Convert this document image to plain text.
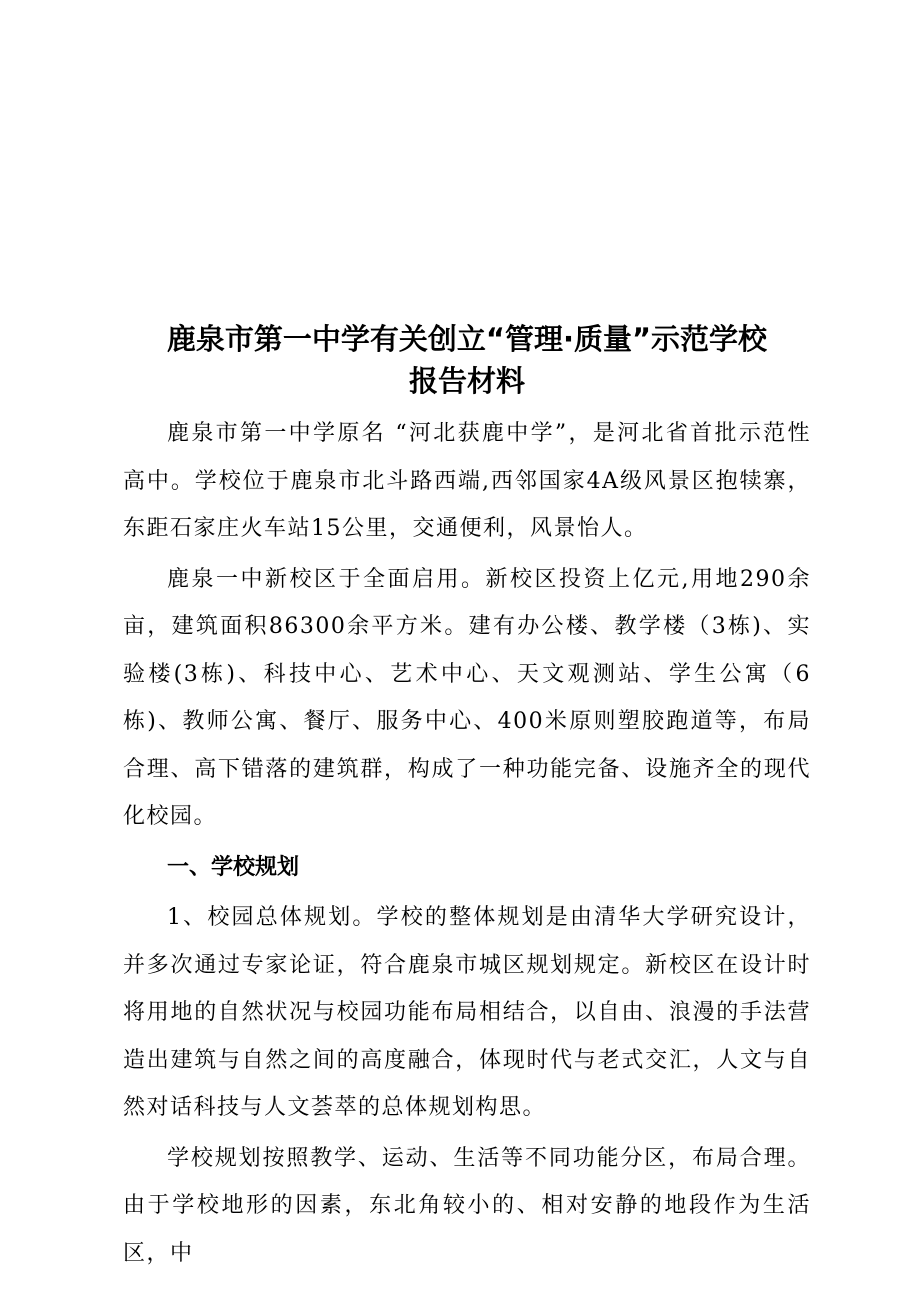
鹿泉市第一中学有关创立“管理·质量”示范学校
报告材料

鹿泉市第一中学原名 “河北获鹿中学”，是河北省首批示范性高中。学校位于鹿泉市北斗路西端,西邻国家4A级风景区抱犊寨，东距石家庄火车站15公里，交通便利，风景怡人。

鹿泉一中新校区于全面启用。新校区投资上亿元,用地290余亩，建筑面积86300余平方米。建有办公楼、教学楼（3栋)、实验楼(3栋)、科技中心、艺术中心、天文观测站、学生公寓（6栋)、教师公寓、餐厅、服务中心、400米原则塑胶跑道等，布局合理、高下错落的建筑群，构成了一种功能完备、设施齐全的现代化校园。

一、学校规划

1、校园总体规划。学校的整体规划是由清华大学研究设计，并多次通过专家论证，符合鹿泉市城区规划规定。新校区在设计时将用地的自然状况与校园功能布局相结合，以自由、浪漫的手法营造出建筑与自然之间的高度融合，体现时代与老式交汇，人文与自然对话科技与人文荟萃的总体规划构思。

学校规划按照教学、运动、生活等不同功能分区，布局合理。由于学校地形的因素，东北角较小的、相对安静的地段作为生活区，中
